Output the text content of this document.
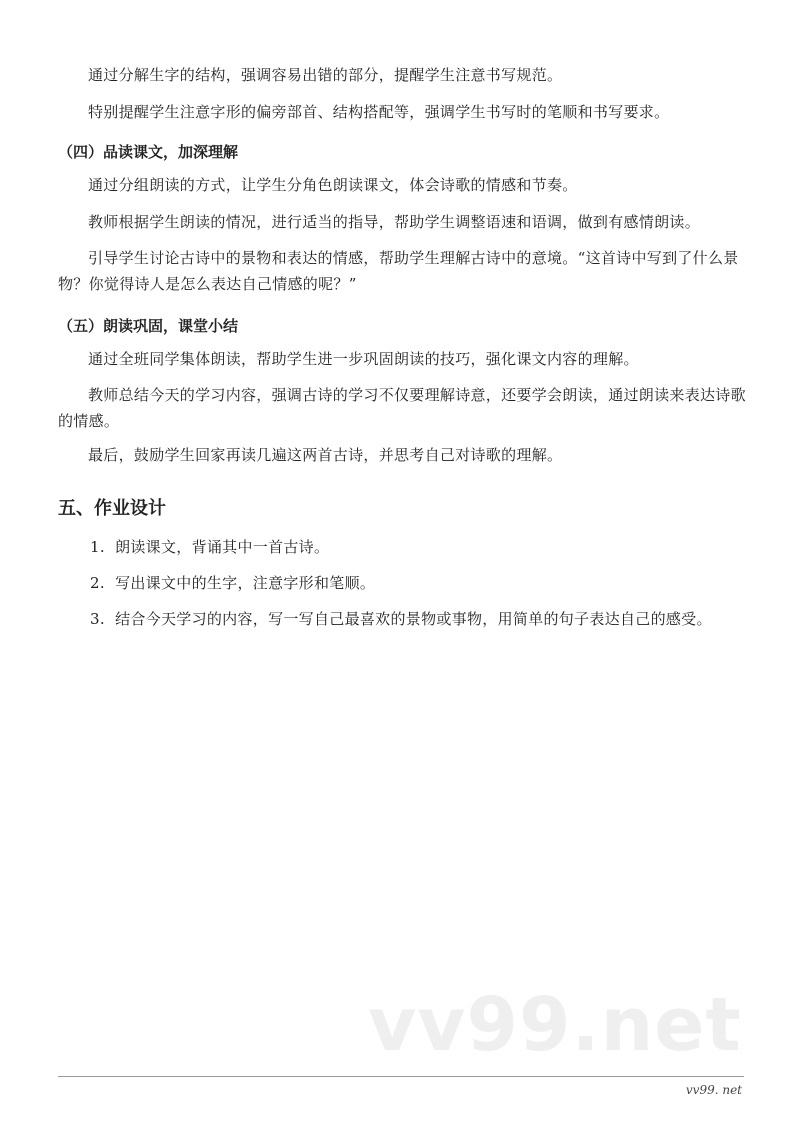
通过分解生字的结构，强调容易出错的部分，提醒学生注意书写规范。

特别提醒学生注意字形的偏旁部首、结构搭配等，强调学生书写时的笔顺和书写要求。

（四）品读课文，加深理解

通过分组朗读的方式，让学生分角色朗读课文，体会诗歌的情感和节奏。

教师根据学生朗读的情况，进行适当的指导，帮助学生调整语速和语调，做到有感情朗读。

引导学生讨论古诗中的景物和表达的情感，帮助学生理解古诗中的意境。“这首诗中写到了什么景物？你觉得诗人是怎么表达自己情感的呢？”

（五）朗读巩固，课堂小结

通过全班同学集体朗读，帮助学生进一步巩固朗读的技巧，强化课文内容的理解。

教师总结今天的学习内容，强调古诗的学习不仅要理解诗意，还要学会朗读，通过朗读来表达诗歌的情感。

最后，鼓励学生回家再读几遍这两首古诗，并思考自己对诗歌的理解。

五、作业设计

1. 朗读课文，背诵其中一首古诗。

2. 写出课文中的生字，注意字形和笔顺。

3. 结合今天学习的内容，写一写自己最喜欢的景物或事物，用简单的句子表达自己的感受。

vv99.net
vv99. net
